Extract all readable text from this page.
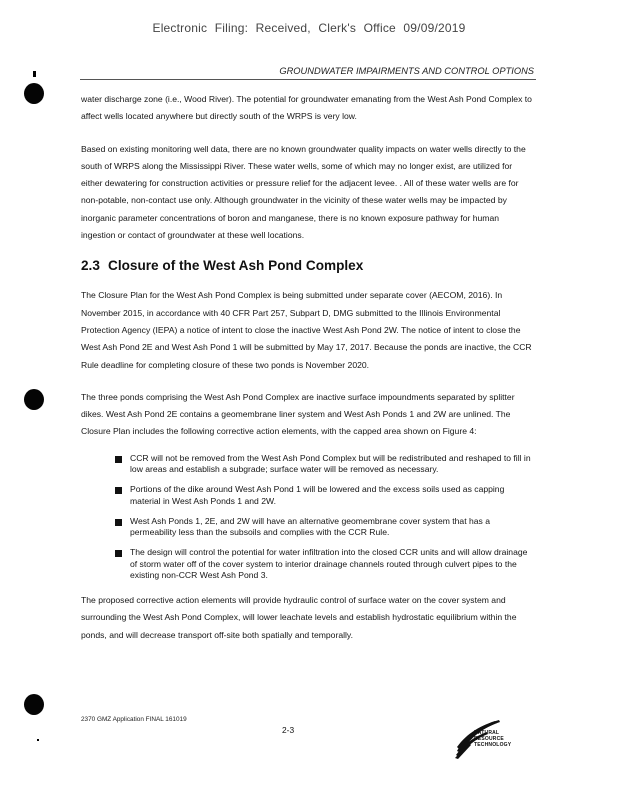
Electronic Filing: Received, Clerk's Office 09/09/2019
GROUNDWATER IMPAIRMENTS AND CONTROL OPTIONS

water discharge zone (i.e., Wood River). The potential for groundwater emanating from the West Ash Pond Complex to affect wells located anywhere but directly south of the WRPS is very low.

Based on existing monitoring well data, there are no known groundwater quality impacts on water wells directly to the south of WRPS along the Mississippi River. These water wells, some of which may no longer exist, are utilized for either dewatering for construction activities or pressure relief for the adjacent levee. . All of these water wells are for non-potable, non-contact use only. Although groundwater in the vicinity of these water wells may be impacted by inorganic parameter concentrations of boron and manganese, there is no known exposure pathway for human ingestion or contact of groundwater at these well locations.

2.3 Closure of the West Ash Pond Complex

The Closure Plan for the West Ash Pond Complex is being submitted under separate cover (AECOM, 2016). In November 2015, in accordance with 40 CFR Part 257, Subpart D, DMG submitted to the Illinois Environmental Protection Agency (IEPA) a notice of intent to close the inactive West Ash Pond 2W. The notice of intent to close the West Ash Pond 2E and West Ash Pond 1 will be submitted by May 17, 2017. Because the ponds are inactive, the CCR Rule deadline for completing closure of these two ponds is November 2020.

The three ponds comprising the West Ash Pond Complex are inactive surface impoundments separated by splitter dikes. West Ash Pond 2E contains a geomembrane liner system and West Ash Ponds 1 and 2W are unlined. The Closure Plan includes the following corrective action elements, with the capped area shown on Figure 4:

CCR will not be removed from the West Ash Pond Complex but will be redistributed and reshaped to fill in low areas and establish a subgrade; surface water will be removed as necessary.
Portions of the dike around West Ash Pond 1 will be lowered and the excess soils used as capping material in West Ash Ponds 1 and 2W.
West Ash Ponds 1, 2E, and 2W will have an alternative geomembrane cover system that has a permeability less than the subsoils and complies with the CCR Rule.
The design will control the potential for water infiltration into the closed CCR units and will allow drainage of storm water off of the cover system to interior drainage channels routed through culvert pipes to the existing non-CCR West Ash Pond 3.

The proposed corrective action elements will provide hydraulic control of surface water on the cover system and surrounding the West Ash Pond Complex, will lower leachate levels and establish hydrostatic equilibrium within the ponds, and will decrease transport off-site both spatially and temporally.

2370 GMZ Application FINAL 161019
2-3	NATURAL
RESOURCE
TECHNOLOGY
